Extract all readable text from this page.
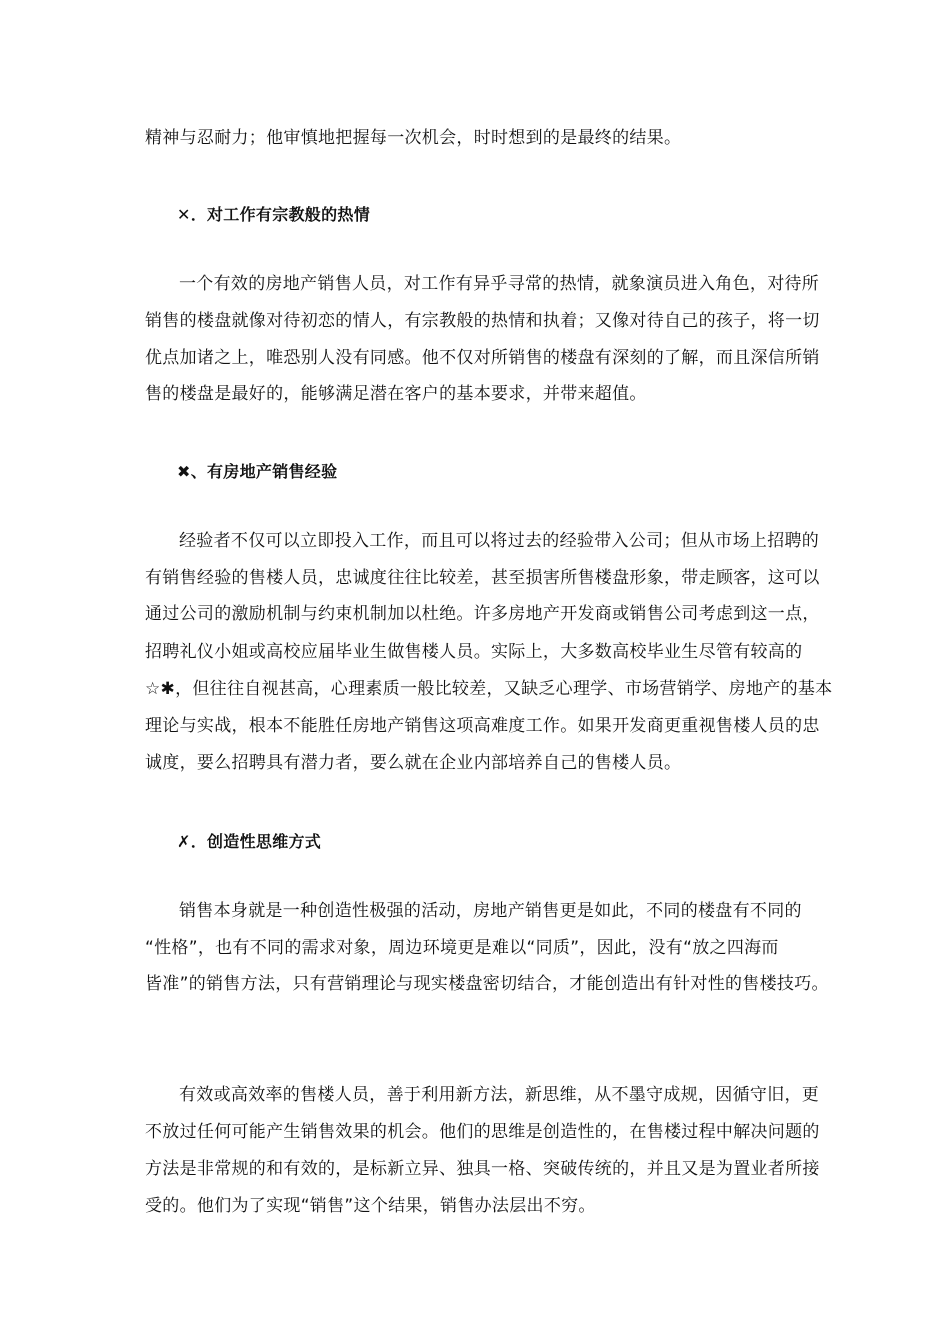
精神与忍耐力；他审慎地把握每一次机会，时时想到的是最终的结果。
✕．对工作有宗教般的热情
一个有效的房地产销售人员，对工作有异乎寻常的热情，就象演员进入角色，对待所
销售的楼盘就像对待初恋的情人，有宗教般的热情和执着；又像对待自己的孩子，将一切
优点加诸之上，唯恐别人没有同感。他不仅对所销售的楼盘有深刻的了解，而且深信所销
售的楼盘是最好的，能够满足潜在客户的基本要求，并带来超值。
✖、有房地产销售经验
经验者不仅可以立即投入工作，而且可以将过去的经验带入公司；但从市场上招聘的
有销售经验的售楼人员，忠诚度往往比较差，甚至损害所售楼盘形象，带走顾客，这可以
通过公司的激励机制与约束机制加以杜绝。许多房地产开发商或销售公司考虑到这一点，
招聘礼仪小姐或高校应届毕业生做售楼人员。实际上，大多数高校毕业生尽管有较高的
☆✱，但往往自视甚高，心理素质一般比较差，又缺乏心理学、市场营销学、房地产的基本
理论与实战，根本不能胜任房地产销售这项高难度工作。如果开发商更重视售楼人员的忠
诚度，要么招聘具有潜力者，要么就在企业内部培养自己的售楼人员。
✗．创造性思维方式
销售本身就是一种创造性极强的活动，房地产销售更是如此，不同的楼盘有不同的
“性格”，也有不同的需求对象，周边环境更是难以“同质”，因此，没有“放之四海而
皆准”的销售方法，只有营销理论与现实楼盘密切结合，才能创造出有针对性的售楼技巧。
有效或高效率的售楼人员，善于利用新方法，新思维，从不墨守成规，因循守旧，更
不放过任何可能产生销售效果的机会。他们的思维是创造性的，在售楼过程中解决问题的
方法是非常规的和有效的，是标新立异、独具一格、突破传统的，并且又是为置业者所接
受的。他们为了实现“销售”这个结果，销售办法层出不穷。
